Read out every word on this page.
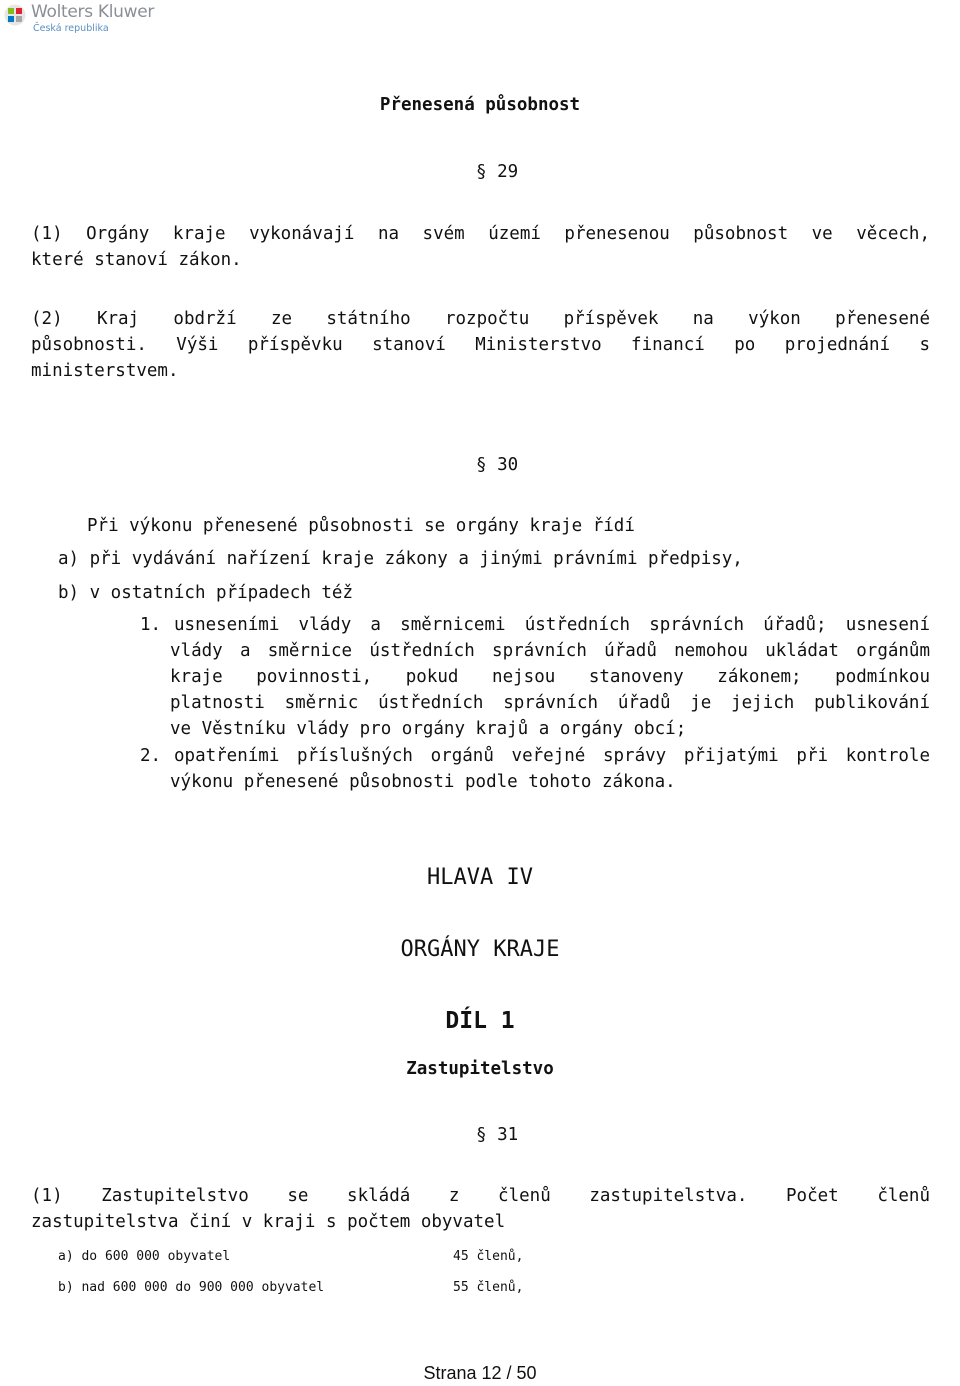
Wolters Kluwer
Česká republika
Přenesená působnost
§ 29
(1) Orgány kraje vykonávají na svém území přenesenou působnost ve věcech,
které stanoví zákon.
(2) Kraj obdrží ze státního rozpočtu příspěvek na výkon přenesené
působnosti. Výši příspěvku stanoví Ministerstvo financí po projednání s
ministerstvem.
§ 30
Při výkonu přenesené působnosti se orgány kraje řídí
a) při vydávání nařízení kraje zákony a jinými právními předpisy,
b) v ostatních případech též
1. usneseními vlády a směrnicemi ústředních správních úřadů; usnesení
vlády a směrnice ústředních správních úřadů nemohou ukládat orgánům
kraje povinnosti, pokud nejsou stanoveny zákonem; podmínkou
platnosti směrnic ústředních správních úřadů je jejich publikování
ve Věstníku vlády pro orgány krajů a orgány obcí;
2. opatřeními příslušných orgánů veřejné správy přijatými při kontrole
výkonu přenesené působnosti podle tohoto zákona.
HLAVA IV
ORGÁNY KRAJE
DÍL 1
Zastupitelstvo
§ 31
(1) Zastupitelstvo se skládá z členů zastupitelstva. Počet členů
zastupitelstva činí v kraji s počtem obyvatel
a) do 600 000 obyvatel	45 členů,
b) nad 600 000 do 900 000 obyvatel	55 členů,
Strana 12 / 50
